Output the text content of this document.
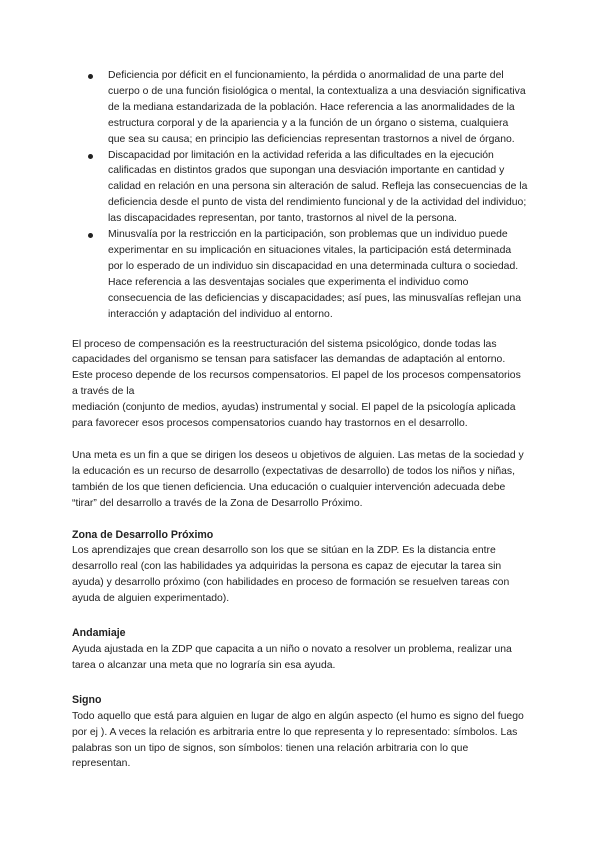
Deficiencia por déficit en el funcionamiento, la pérdida o anormalidad de una parte del cuerpo o de una función fisiológica o mental, la contextualiza a una desviación significativa de la mediana estandarizada de la población. Hace referencia a las anormalidades de la estructura corporal y de la apariencia y a la función de un órgano o sistema, cualquiera que sea su causa; en principio las deficiencias representan trastornos a nivel de órgano.
Discapacidad por limitación en la actividad referida a las dificultades en la ejecución calificadas en distintos grados que supongan una desviación importante en cantidad y calidad en relación en una persona sin alteración de salud. Refleja las consecuencias de la deficiencia desde el punto de vista del rendimiento funcional y de la actividad del individuo; las discapacidades representan, por tanto, trastornos al nivel de la persona.
Minusvalía por la restricción en la participación, son problemas que un individuo puede experimentar en su implicación en situaciones vitales, la participación está determinada por lo esperado de un individuo sin discapacidad en una determinada cultura o sociedad. Hace referencia a las desventajas sociales que experimenta el individuo como consecuencia de las deficiencias y discapacidades; así pues, las minusvalías reflejan una interacción y adaptación del individuo al entorno.

El proceso de compensación es la reestructuración del sistema psicológico, donde todas las capacidades del organismo se tensan para satisfacer las demandas de adaptación al entorno. Este proceso depende de los recursos compensatorios. El papel de los procesos compensatorios a través de la

mediación (conjunto de medios, ayudas) instrumental y social. El papel de la psicología aplicada para favorecer esos procesos compensatorios cuando hay trastornos en el desarrollo.

Una meta es un fin a que se dirigen los deseos u objetivos de alguien. Las metas de la sociedad y la educación es un recurso de desarrollo (expectativas de desarrollo) de todos los niños y niñas, también de los que tienen deficiencia. Una educación o cualquier intervención adecuada debe “tirar” del desarrollo a través de la Zona de Desarrollo Próximo.

Zona de Desarrollo Próximo

Los aprendizajes que crean desarrollo son los que se sitúan en la ZDP. Es la distancia entre desarrollo real (con las habilidades ya adquiridas la persona es capaz de ejecutar la tarea sin ayuda) y desarrollo próximo (con habilidades en proceso de formación se resuelven tareas con ayuda de alguien experimentado).

Andamiaje

Ayuda ajustada en la ZDP que capacita a un niño o novato a resolver un problema, realizar una tarea o alcanzar una meta que no lograría sin esa ayuda.

Signo

Todo aquello que está para alguien en lugar de algo en algún aspecto (el humo es signo del fuego por ej ). A veces la relación es arbitraria entre lo que representa y lo representado: símbolos. Las palabras son un tipo de signos, son símbolos: tienen una relación arbitraria con lo que representan.
